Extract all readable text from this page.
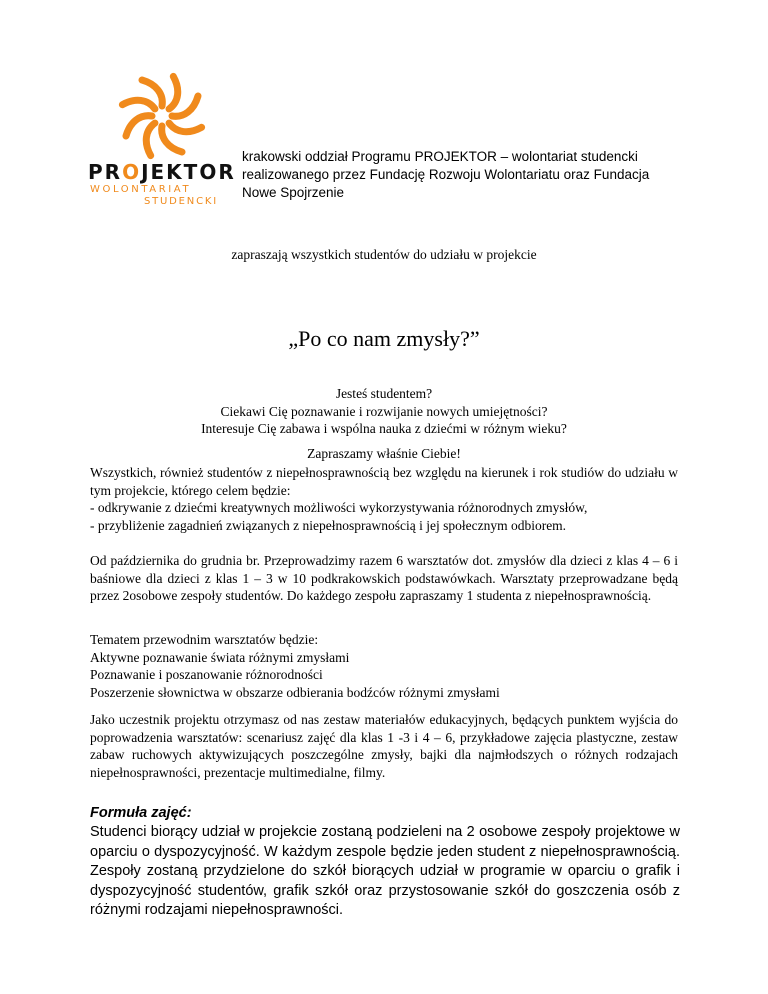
PROJEKTOR
WOLONTARIAT
STUDENCKI
krakowski oddział Programu PROJEKTOR – wolontariat studencki realizowanego przez Fundację Rozwoju Wolontariatu oraz Fundacja Nowe Spojrzenie
zapraszają wszystkich studentów do udziału w projekcie
„Po co nam zmysły?”
Jesteś studentem?
Ciekawi Cię poznawanie i rozwijanie nowych umiejętności?
Interesuje Cię zabawa i wspólna nauka z dziećmi w różnym wieku?
Zapraszamy właśnie Ciebie!
Wszystkich, również studentów z niepełnosprawnością bez względu na kierunek i rok studiów do udziału w tym projekcie, którego celem będzie:
- odkrywanie z dziećmi kreatywnych możliwości wykorzystywania różnorodnych zmysłów,
- przybliżenie zagadnień związanych z niepełnosprawnością i jej społecznym odbiorem.
Od października do grudnia br. Przeprowadzimy razem 6 warsztatów dot. zmysłów dla dzieci z klas 4 – 6 i baśniowe dla dzieci z klas 1 – 3 w 10 podkrakowskich podstawówkach. Warsztaty przeprowadzane będą przez 2osobowe zespoły studentów. Do każdego zespołu zapraszamy 1 studenta z niepełnosprawnością.
Tematem przewodnim warsztatów będzie:
Aktywne poznawanie świata różnymi zmysłami
Poznawanie i poszanowanie różnorodności
Poszerzenie słownictwa w obszarze odbierania bodźców różnymi zmysłami
Jako uczestnik projektu otrzymasz od nas zestaw materiałów edukacyjnych, będących punktem wyjścia do poprowadzenia warsztatów: scenariusz zajęć dla klas 1 -3 i 4 – 6, przykładowe zajęcia plastyczne, zestaw zabaw ruchowych aktywizujących poszczególne zmysły, bajki dla najmłodszych o różnych rodzajach niepełnosprawności, prezentacje multimedialne, filmy.
Formuła zajęć:
Studenci biorący udział w projekcie zostaną podzieleni na 2 osobowe zespoły projektowe w oparciu o dyspozycyjność. W każdym zespole będzie jeden student z niepełnosprawnością. Zespoły zostaną przydzielone do szkół biorących udział w programie w oparciu o grafik i dyspozycyjność studentów, grafik szkół oraz przystosowanie szkół do goszczenia osób z różnymi rodzajami niepełnosprawności.
